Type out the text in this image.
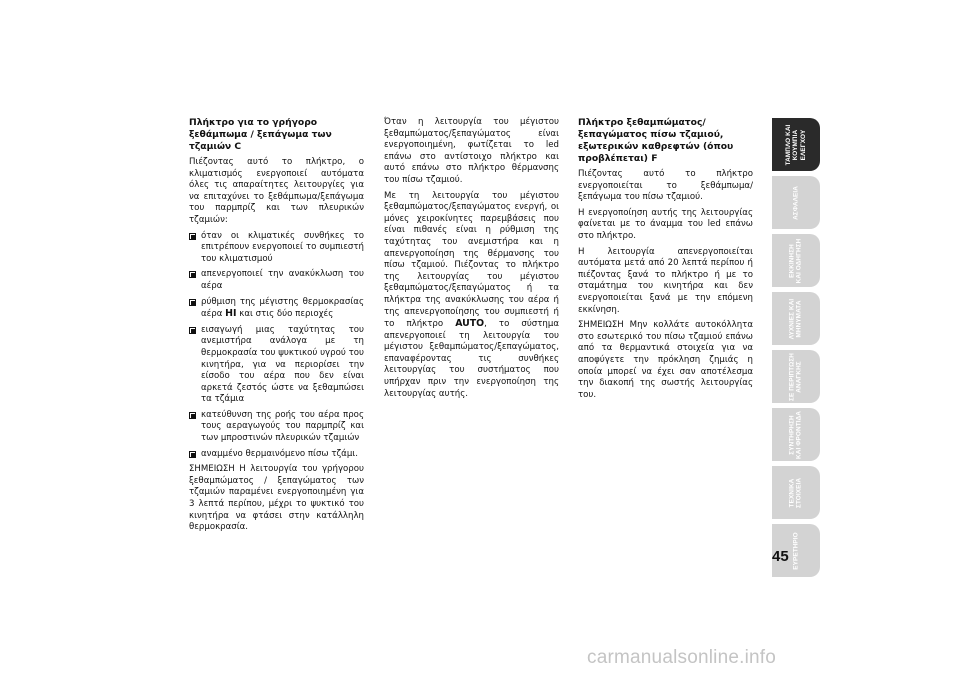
Πλήκτρο για το γρήγορο ξεθάμπωμα / ξεπάγωμα των τζαμιών C

Πιέζοντας αυτό το πλήκτρο, ο κλιματισμός ενεργοποιεί αυτόματα όλες τις απαραίτητες λειτουργίες για να επιταχύνει το ξεθάμπωμα/ξεπάγωμα του παρμπρίζ και των πλευρικών τζαμιών:

όταν οι κλιματικές συνθήκες το επιτρέπουν ενεργοποιεί το συμπιεστή του κλιματισμού
απενεργοποιεί την ανακύκλωση του αέρα
ρύθμιση της μέγιστης θερμοκρασίας αέρα HI και στις δύο περιοχές
εισαγωγή μιας ταχύτητας του ανεμιστήρα ανάλογα με τη θερμοκρασία του ψυκτικού υγρού του κινητήρα, για να περιορίσει την είσοδο του αέρα που δεν είναι αρκετά ζεστός ώστε να ξεθαμπώσει τα τζάμια
κατεύθυνση της ροής του αέρα προς τους αεραγωγούς του παρμπρίζ και των μπροστινών πλευρικών τζαμιών
αναμμένο θερμαινόμενο πίσω τζάμι.

ΣΗΜΕΙΩΣΗ Η λειτουργία του γρήγορου ξεθαμπώματος / ξεπαγώματος των τζαμιών παραμένει ενεργοποιημένη για 3 λεπτά περίπου, μέχρι το ψυκτικό του κινητήρα να φτάσει στην κατάλληλη θερμοκρασία.

Όταν η λειτουργία του μέγιστου ξεθαμπώματος/ξεπαγώματος είναι ενεργοποιημένη, φωτίζεται το led επάνω στο αντίστοιχο πλήκτρο και αυτό επάνω στο πλήκτρο θέρμανσης του πίσω τζαμιού.

Με τη λειτουργία του μέγιστου ξεθαμπώματος/ξεπαγώματος ενεργή, οι μόνες χειροκίνητες παρεμβάσεις που είναι πιθανές είναι η ρύθμιση της ταχύτητας του ανεμιστήρα και η απενεργοποίηση της θέρμανσης του πίσω τζαμιού. Πιέζοντας το πλήκτρο της λειτουργίας του μέγιστου ξεθαμπώματος/ξεπαγώματος ή τα πλήκτρα της ανακύκλωσης του αέρα ή της απενεργοποίησης του συμπιεστή ή το πλήκτρο AUTO, το σύστημα απενεργοποιεί τη λειτουργία του μέγιστου ξεθαμπώματος/ξεπαγώματος, επαναφέροντας τις συνθήκες λειτουργίας του συστήματος που υπήρχαν πριν την ενεργοποίηση της λειτουργίας αυτής.

Πλήκτρο ξεθαμπώματος/ ξεπαγώματος πίσω τζαμιού, εξωτερικών καθρεφτών (όπου προβλέπεται) F

Πιέζοντας αυτό το πλήκτρο ενεργοποιείται το ξεθάμπωμα/ξεπάγωμα του πίσω τζαμιού.

Η ενεργοποίηση αυτής της λειτουργίας φαίνεται με το άναμμα του led επάνω στο πλήκτρο.

Η λειτουργία απενεργοποιείται αυτόματα μετά από 20 λεπτά περίπου ή πιέζοντας ξανά το πλήκτρο ή με το σταμάτημα του κινητήρα και δεν ενεργοποιείται ξανά με την επόμενη εκκίνηση.

ΣΗΜΕΙΩΣΗ Μην κολλάτε αυτοκόλλητα στο εσωτερικό του πίσω τζαμιού επάνω από τα θερμαντικά στοιχεία για να αποφύγετε την πρόκληση ζημιάς η οποία μπορεί να έχει σαν αποτέλεσμα την διακοπή της σωστής λειτουργίας του.

ΤΑΜΠΛΟ ΚΑΙ
ΚΟΥΜΠΙΑ
ΕΛΕΓΧΟΥ
ΑΣΦΑΛΕΙΑ
ΕΚΚΙΝΗΣΗ
ΚΑΙ ΟΔΗΓΗΣΗ
ΛΥΧΝΙΕΣ ΚΑΙ
ΜΗΝΥΜΑΤΑ
ΣΕ ΠΕΡΙΠΤΩΣΗ
ΑΝΑΓΚΗΣ
ΣΥΝΤΗΡΗΣΗ
ΚΑΙ ΦΡΟΝΤΙΔΑ
ΤΕΧΝΙΚΑ
ΣΤΟΙΧΕΙΑ
ΕΥΡΕΤΗΡΙΟ
45
carmanualsonline.info
